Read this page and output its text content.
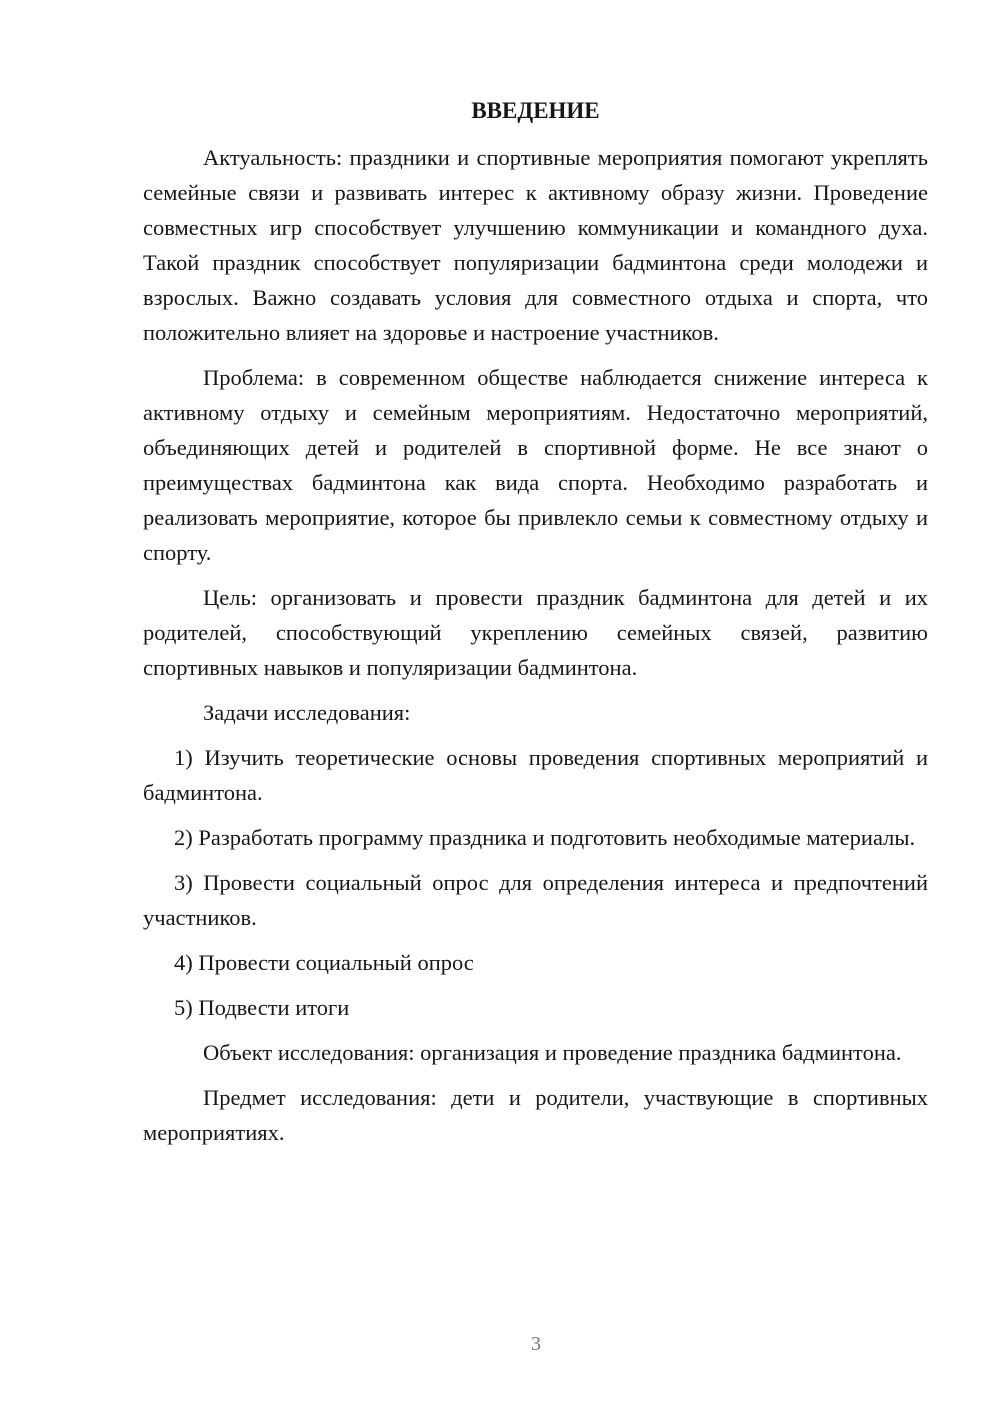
ВВЕДЕНИЕ

Актуальность: праздники и спортивные мероприятия помогают укреплять семейные связи и развивать интерес к активному образу жизни. Проведение совместных игр способствует улучшению коммуникации и командного духа. Такой праздник способствует популяризации бадминтона среди молодежи и взрослых. Важно создавать условия для совместного отдыха и спорта, что положительно влияет на здоровье и настроение участников.

Проблема: в современном обществе наблюдается снижение интереса к активному отдыху и семейным мероприятиям. Недостаточно мероприятий, объединяющих детей и родителей в спортивной форме. Не все знают о преимуществах бадминтона как вида спорта. Необходимо разработать и реализовать мероприятие, которое бы привлекло семьи к совместному отдыху и спорту.

Цель: организовать и провести праздник бадминтона для детей и их родителей, способствующий укреплению семейных связей, развитию спортивных навыков и популяризации бадминтона.

Задачи исследования:

1) Изучить теоретические основы проведения спортивных мероприятий и бадминтона.

2) Разработать программу праздника и подготовить необходимые материалы.

3) Провести социальный опрос для определения интереса и предпочтений участников.

4) Провести социальный опрос

5) Подвести итоги

Объект исследования: организация и проведение праздника бадминтона.

Предмет исследования: дети и родители, участвующие в спортивных мероприятиях.

3
